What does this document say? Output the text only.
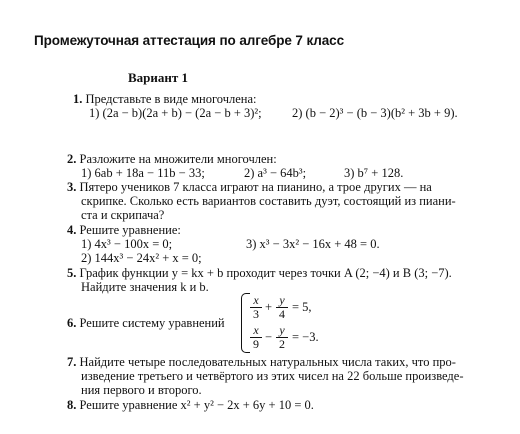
Промежуточная аттестация по алгебре 7 класс
Вариант 1
1. Представьте в виде многочлена:
1) (2a − b)(2a + b) − (2a − b + 3)²; 2) (b − 2)³ − (b − 3)(b² + 3b + 9).
2. Разложите на множители многочлен:
1) 6ab + 18a − 11b − 33;	2) a³ − 64b³;	3) b⁷ + 128.
3. Пятеро учеников 7 класса играют на пианино, а трое других — на
скрипке. Сколько есть вариантов составить дуэт, состоящий из пиани-
ста и скрипача?
4. Решите уравнение:
1) 4x³ − 100x = 0;	3) x³ − 3x² − 16x + 48 = 0.
2) 144x³ − 24x² + x = 0;
5. График функции y = kx + b проходит через точки A (2; −4) и B (3; −7).
Найдите значения k и b.
6. Решите систему уравнений
$\frac{x}{3} + \frac{y}{4} = 5$,
$\frac{x}{9} - \frac{y}{2} = -3$.
7. Найдите четыре последовательных натуральных числа таких, что про-
изведение третьего и четвёртого из этих чисел на 22 больше произведе-
ния первого и второго.
8. Решите уравнение x² + y² − 2x + 6y + 10 = 0.
